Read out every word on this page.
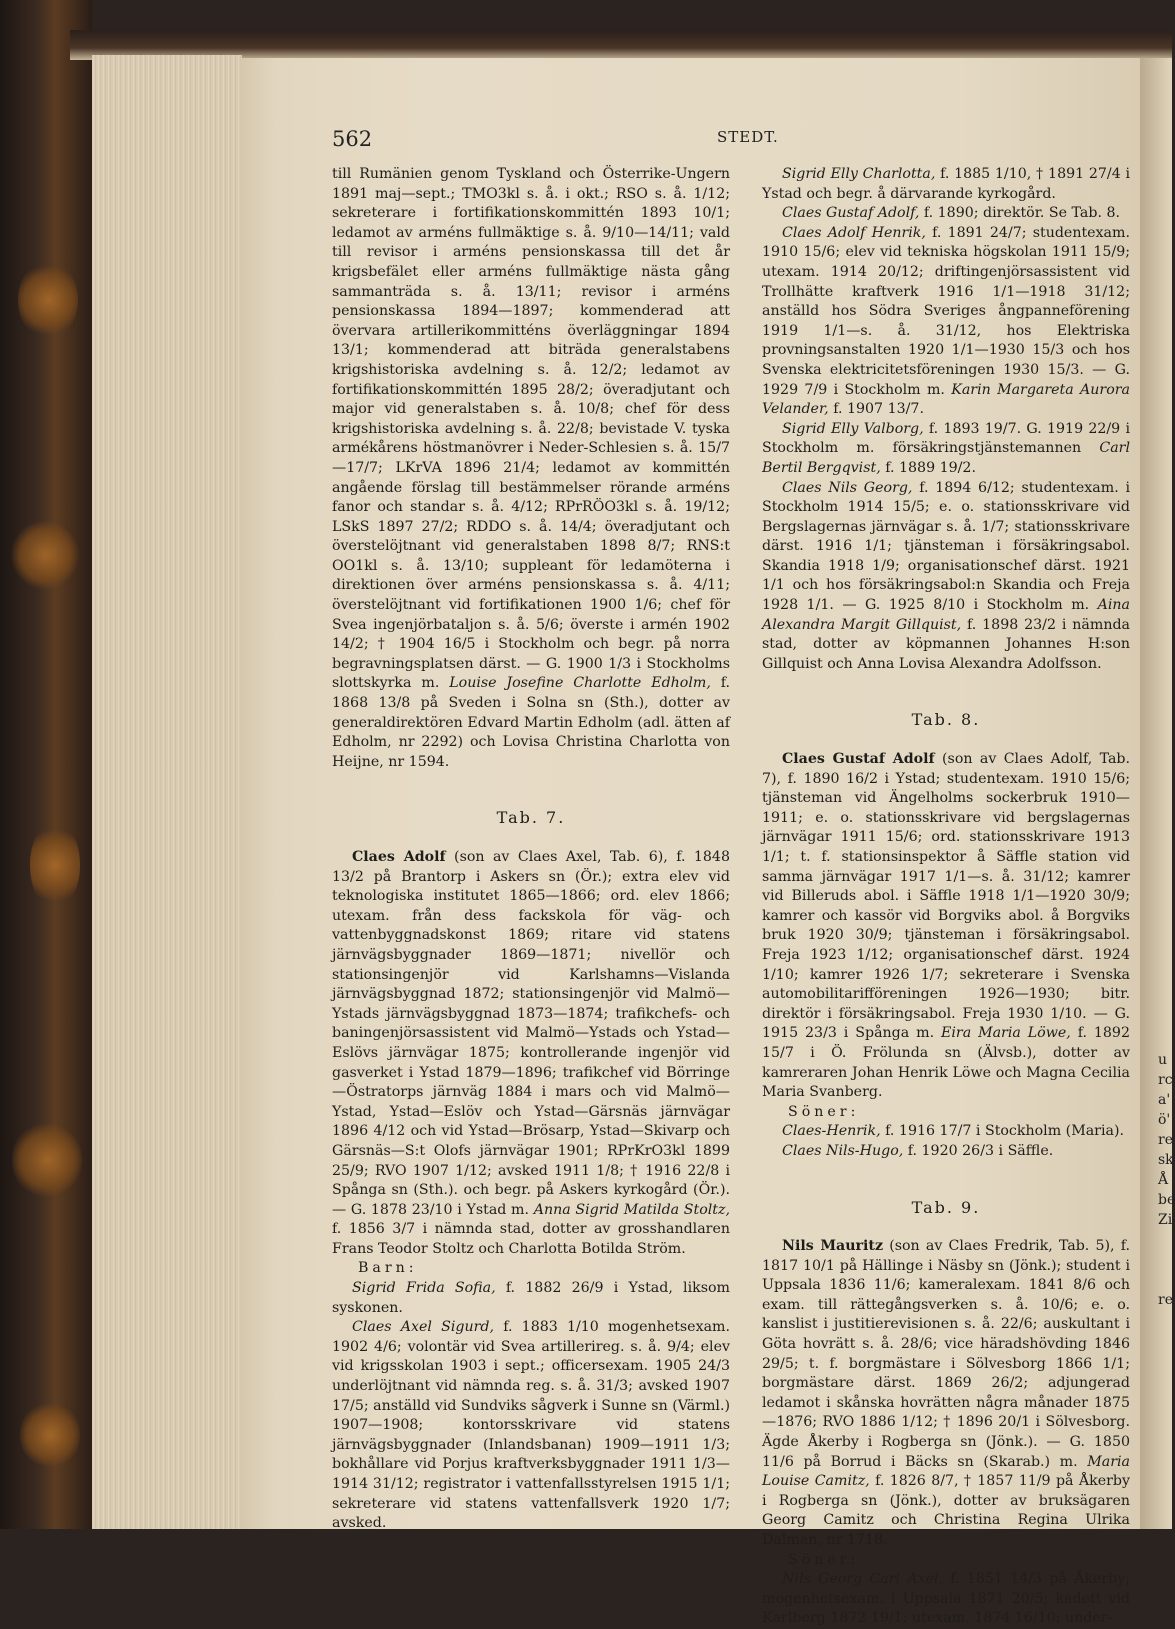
u
rc
a'
ö'
re
sk
Å
be
Zi
re
562	STEDT.

till Rumänien genom Tyskland och Österrike-Ungern 1891 maj—sept.; TMO3kl s. å. i okt.; RSO s. å. 1/12; sekreterare i fortifikationskommittén 1893 10/1; ledamot av arméns fullmäktige s. å. 9/10—14/11; vald till revisor i arméns pensionskassa till det år krigsbefälet eller arméns fullmäktige nästa gång sammanträda s. å. 13/11; revisor i arméns pensionskassa 1894—1897; kommenderad att övervara artillerikommitténs överläggningar 1894 13/1; kommenderad att biträda generalstabens krigshistoriska avdelning s. å. 12/2; ledamot av fortifikationskommittén 1895 28/2; överadjutant och major vid generalstaben s. å. 10/8; chef för dess krigshistoriska avdelning s. å. 22/8; bevistade V. tyska armékårens höstmanövrer i Neder-Schlesien s. å. 15/7—17/7; LKrVA 1896 21/4; ledamot av kommittén angående förslag till bestämmelser rörande arméns fanor och standar s. å. 4/12; RPrRÖO3kl s. å. 19/12; LSkS 1897 27/2; RDDO s. å. 14/4; överadjutant och överstelöjtnant vid generalstaben 1898 8/7; RNS:t OO1kl s. å. 13/10; suppleant för ledamöterna i direktionen över arméns pensionskassa s. å. 4/11; överstelöjtnant vid fortifikationen 1900 1/6; chef för Svea ingenjörbataljon s. å. 5/6; överste i armén 1902 14/2; † 1904 16/5 i Stockholm och begr. på norra begravningsplatsen därst. — G. 1900 1/3 i Stockholms slottskyrka m. Louise Josefine Charlotte Edholm, f. 1868 13/8 på Sveden i Solna sn (Sth.), dotter av generaldirektören Edvard Martin Edholm (adl. ätten af Edholm, nr 2292) och Lovisa Christina Charlotta von Heijne, nr 1594.

Tab. 7.

Claes Adolf (son av Claes Axel, Tab. 6), f. 1848 13/2 på Brantorp i Askers sn (Ör.); extra elev vid teknologiska institutet 1865—1866; ord. elev 1866; utexam. från dess fackskola för väg- och vattenbyggnadskonst 1869; ritare vid statens järnvägsbyggnader 1869—1871; nivellör och stationsingenjör vid Karlshamns—Vislanda järnvägsbyggnad 1872; stationsingenjör vid Malmö—Ystads järnvägsbyggnad 1873—1874; trafikchefs- och baningenjörsassistent vid Malmö—Ystads och Ystad—Eslövs järnvägar 1875; kontrollerande ingenjör vid gasverket i Ystad 1879—1896; trafikchef vid Börringe—Östratorps järnväg 1884 i mars och vid Malmö—Ystad, Ystad—Eslöv och Ystad—Gärsnäs järnvägar 1896 4/12 och vid Ystad—Brösarp, Ystad—Skivarp och Gärsnäs—S:t Olofs järnvägar 1901; RPrKrO3kl 1899 25/9; RVO 1907 1/12; avsked 1911 1/8; † 1916 22/8 i Spånga sn (Sth.). och begr. på Askers kyrkogård (Ör.). — G. 1878 23/10 i Ystad m. Anna Sigrid Matilda Stoltz, f. 1856 3/7 i nämnda stad, dotter av grosshandlaren Frans Teodor Stoltz och Charlotta Botilda Ström.

Barn:

Sigrid Frida Sofia, f. 1882 26/9 i Ystad, liksom syskonen.

Claes Axel Sigurd, f. 1883 1/10 mogenhetsexam. 1902 4/6; volontär vid Svea artillerireg. s. å. 9/4; elev vid krigsskolan 1903 i sept.; officersexam. 1905 24/3 underlöjtnant vid nämnda reg. s. å. 31/3; avsked 1907 17/5; anställd vid Sundviks sågverk i Sunne sn (Värml.) 1907—1908; kontorsskrivare vid statens järnvägsbyggnader (Inlandsbanan) 1909—1911 1/3; bokhållare vid Porjus kraftverksbyggnader 1911 1/3—1914 31/12; registrator i vattenfallsstyrelsen 1915 1/1; sekreterare vid statens vattenfallsverk 1920 1/7; avsked.

Sigrid Elly Charlotta, f. 1885 1/10, † 1891 27/4 i Ystad och begr. å därvarande kyrkogård.

Claes Gustaf Adolf, f. 1890; direktör. Se Tab. 8.

Claes Adolf Henrik, f. 1891 24/7; studentexam. 1910 15/6; elev vid tekniska högskolan 1911 15/9; utexam. 1914 20/12; driftingenjörsassistent vid Trollhätte kraftverk 1916 1/1—1918 31/12; anställd hos Södra Sveriges ångpanneförening 1919 1/1—s. å. 31/12, hos Elektriska provningsanstalten 1920 1/1—1930 15/3 och hos Svenska elektricitetsföreningen 1930 15/3. — G. 1929 7/9 i Stockholm m. Karin Margareta Aurora Velander, f. 1907 13/7.

Sigrid Elly Valborg, f. 1893 19/7. G. 1919 22/9 i Stockholm m. försäkringstjänstemannen Carl Bertil Bergqvist, f. 1889 19/2.

Claes Nils Georg, f. 1894 6/12; studentexam. i Stockholm 1914 15/5; e. o. stationsskrivare vid Bergslagernas järnvägar s. å. 1/7; stationsskrivare därst. 1916 1/1; tjänsteman i försäkringsabol. Skandia 1918 1/9; organisationschef därst. 1921 1/1 och hos försäkringsabol:n Skandia och Freja 1928 1/1. — G. 1925 8/10 i Stockholm m. Aina Alexandra Margit Gillquist, f. 1898 23/2 i nämnda stad, dotter av köpmannen Johannes H:son Gillquist och Anna Lovisa Alexandra Adolfsson.

Tab. 8.

Claes Gustaf Adolf (son av Claes Adolf, Tab. 7), f. 1890 16/2 i Ystad; studentexam. 1910 15/6; tjänsteman vid Ängelholms sockerbruk 1910—1911; e. o. stationsskrivare vid bergslagernas järnvägar 1911 15/6; ord. stationsskrivare 1913 1/1; t. f. stationsinspektor å Säffle station vid samma järnvägar 1917 1/1—s. å. 31/12; kamrer vid Billeruds abol. i Säffle 1918 1/1—1920 30/9; kamrer och kassör vid Borgviks abol. å Borgviks bruk 1920 30/9; tjänsteman i försäkringsabol. Freja 1923 1/12; organisationschef därst. 1924 1/10; kamrer 1926 1/7; sekreterare i Svenska automobilitarifföreningen 1926—1930; bitr. direktör i försäkringsabol. Freja 1930 1/10. — G. 1915 23/3 i Spånga m. Eira Maria Löwe, f. 1892 15/7 i Ö. Frölunda sn (Älvsb.), dotter av kamreraren Johan Henrik Löwe och Magna Cecilia Maria Svanberg.

Söner:

Claes-Henrik, f. 1916 17/7 i Stockholm (Maria).

Claes Nils-Hugo, f. 1920 26/3 i Säffle.

Tab. 9.

Nils Mauritz (son av Claes Fredrik, Tab. 5), f. 1817 10/1 på Hällinge i Näsby sn (Jönk.); student i Uppsala 1836 11/6; kameralexam. 1841 8/6 och exam. till rättegångsverken s. å. 10/6; e. o. kanslist i justitierevisionen s. å. 22/6; auskultant i Göta hovrätt s. å. 28/6; vice häradshövding 1846 29/5; t. f. borgmästare i Sölvesborg 1866 1/1; borgmästare därst. 1869 26/2; adjungerad ledamot i skånska hovrätten några månader 1875—1876; RVO 1886 1/12; † 1896 20/1 i Sölvesborg. Ägde Åkerby i Rogberga sn (Jönk.). — G. 1850 11/6 på Borrud i Bäcks sn (Skarab.) m. Maria Louise Camitz, f. 1826 8/7, † 1857 11/9 på Åkerby i Rogberga sn (Jönk.), dotter av bruksägaren Georg Camitz och Christina Regina Ulrika Dalman, nr 1718.

Söner:

Nils Georg Carl Axel, f. 1851 14/3 på Åkerby; mogenhetsexam. i Uppsala 1871 20/5; kadett vid Karlberg 1872 19/1; utexam. 1874 16/10; under-
